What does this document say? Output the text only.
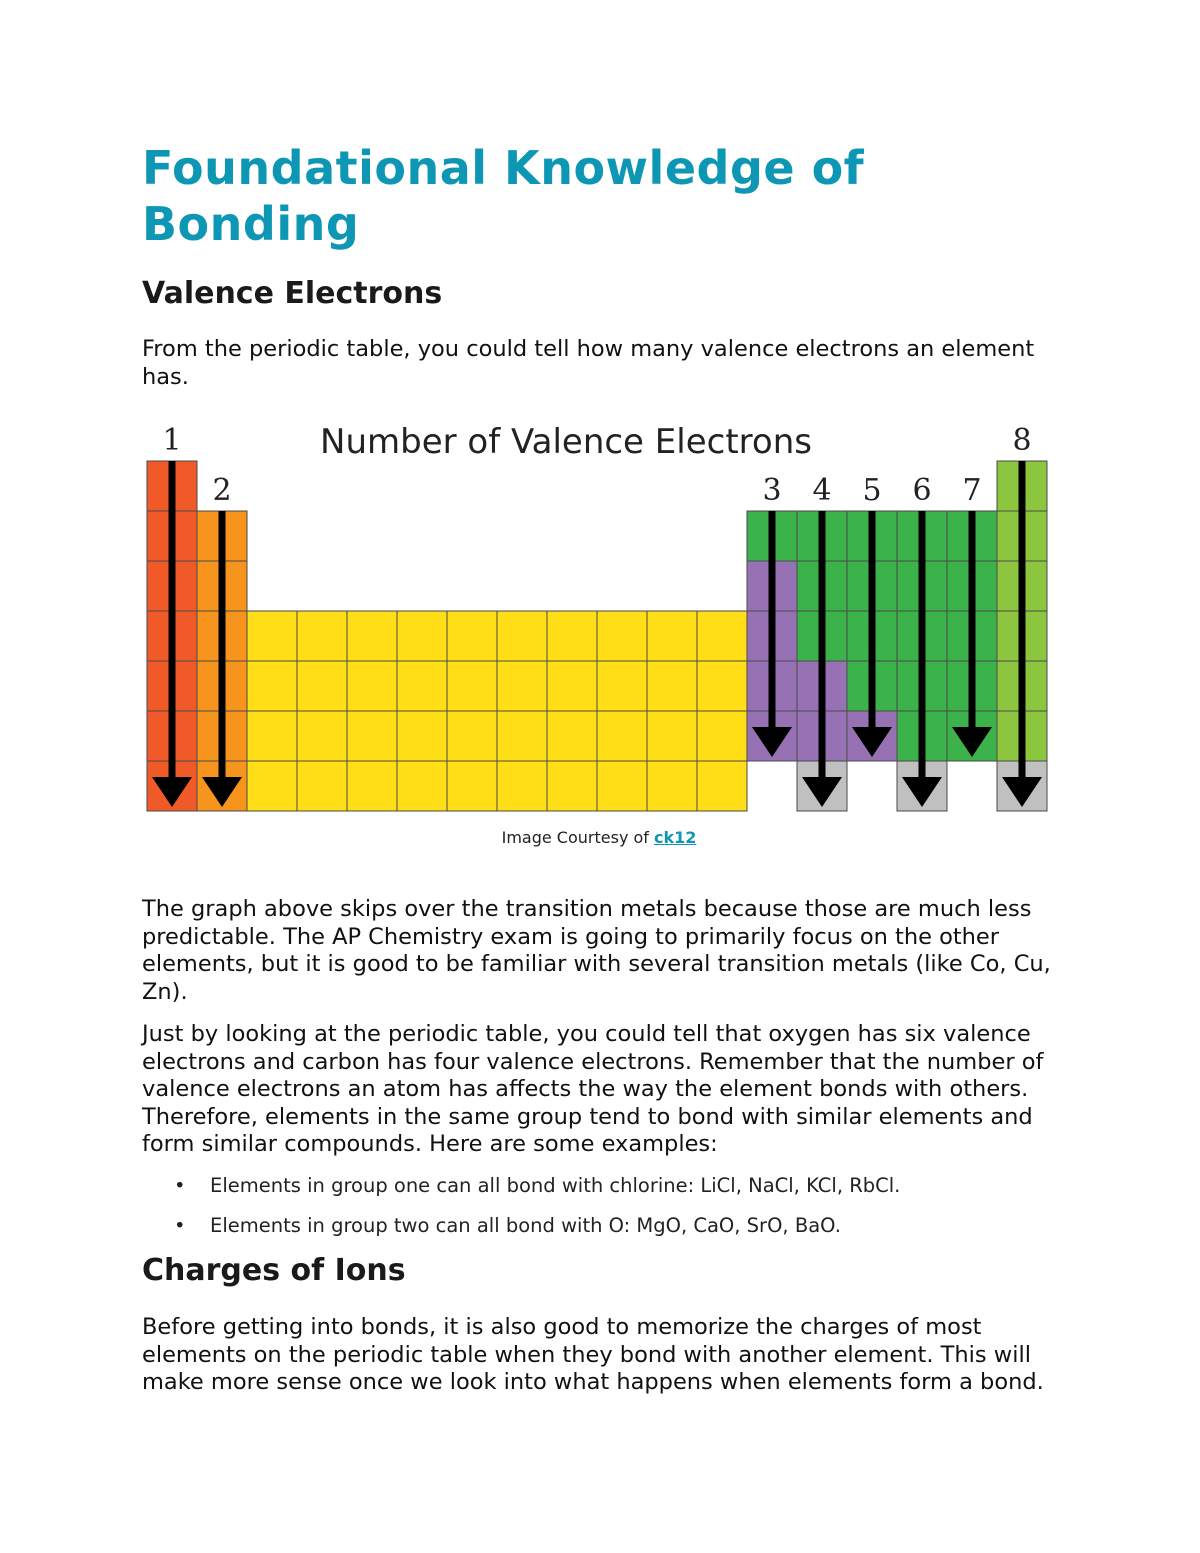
Foundational Knowledge of Bonding
Valence Electrons

From the periodic table, you could tell how many valence electrons an element has.

Number of Valence Electrons
1
2	3 4 5 6 7
8
Image Courtesy of ck12

The graph above skips over the transition metals because those are much less predictable. The AP Chemistry exam is going to primarily focus on the other elements, but it is good to be familiar with several transition metals (like Co, Cu, Zn).

Just by looking at the periodic table, you could tell that oxygen has six valence electrons and carbon has four valence electrons. Remember that the number of valence electrons an atom has affects the way the element bonds with others. Therefore, elements in the same group tend to bond with similar elements and form similar compounds. Here are some examples:

• Elements in group one can all bond with chlorine: LiCl, NaCl, KCl, RbCl.
• Elements in group two can all bond with O: MgO, CaO, SrO, BaO.
Charges of Ions

Before getting into bonds, it is also good to memorize the charges of most elements on the periodic table when they bond with another element. This will make more sense once we look into what happens when elements form a bond.
